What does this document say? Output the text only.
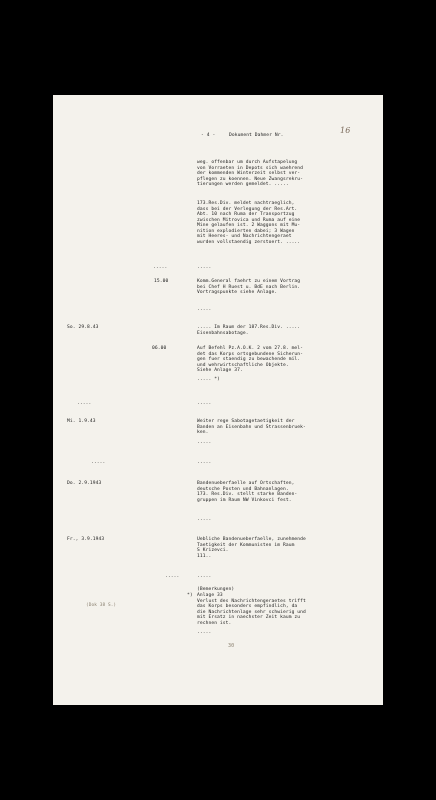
- 4 -	Dokument Dahmer Nr.
16
weg. offenbar um durch Aufstapelung
von Vorraeten in Depots sich waehrend
der kommenden Winterzeit selbst ver-
pflegen zu koennen. Neue Zwangsrekru-
tierungen werden gemeldet. .....
173.Res.Div. meldet nachtraeglich,
dass bei der Verlegung der Res.Art.
Abt. 10 nach Ruma der Transportzug
zwischen Mitrovica und Ruma auf eine
Mine gelaufen ist. 2 Waggons mit Mu-
nition explodierten dabei; 3 Wagen
mit Heeres- und Nachrichtengeraet
wurden vollstaendig zerstoert. .....
.....	.....
15.00	Komm.General faehrt zu einem Vortrag
bei Chef H Ruest u. BdE nach Berlin.
Vortragspunkte siehe Anlage.
.....
So. 29.8.43	..... Im Raum der 187.Res.Div. .....
Eisenbahnsabotage.
06.00	Auf Befehl Pz.A.O.K. 2 vom 27.8. mel-
det das Korps ortsgebundene Sicherun-
gen fuer staendig zu bewachende mil.
und wehrwirtschaftliche Objekte.
Siehe Anlage 37.
..... *)
.....	.....
Mi. 1.9.43	Weiter rege Sabotagetaetigkeit der
Banden an Eisenbahn und Strassenbruek-
ken.
.....
.....	.....
Do. 2.9.1943	Bandenueberfaelle auf Ortschaften,
deutsche Posten und Bahnanlagen.
173. Res.Div. stellt starke Banden-
gruppen im Raum NW Vinkovci fest.
.....
Fr., 3.9.1943	Uebliche Bandenueberfaelle, zunehmende
Taetigkeit der Kommunisten im Raum
S Krizevci.
111..
.....	.....
(Bemerkungen)
(Dok 38 S.)
*) Anlage 33
Verlust des Nachrichtengeraetes trifft
das Korps besonders empfindlich, da
die Nachrichtenlage sehr schwierig und
mit Ersatz in naechster Zeit kaum zu
rechnen ist.
.....
30
